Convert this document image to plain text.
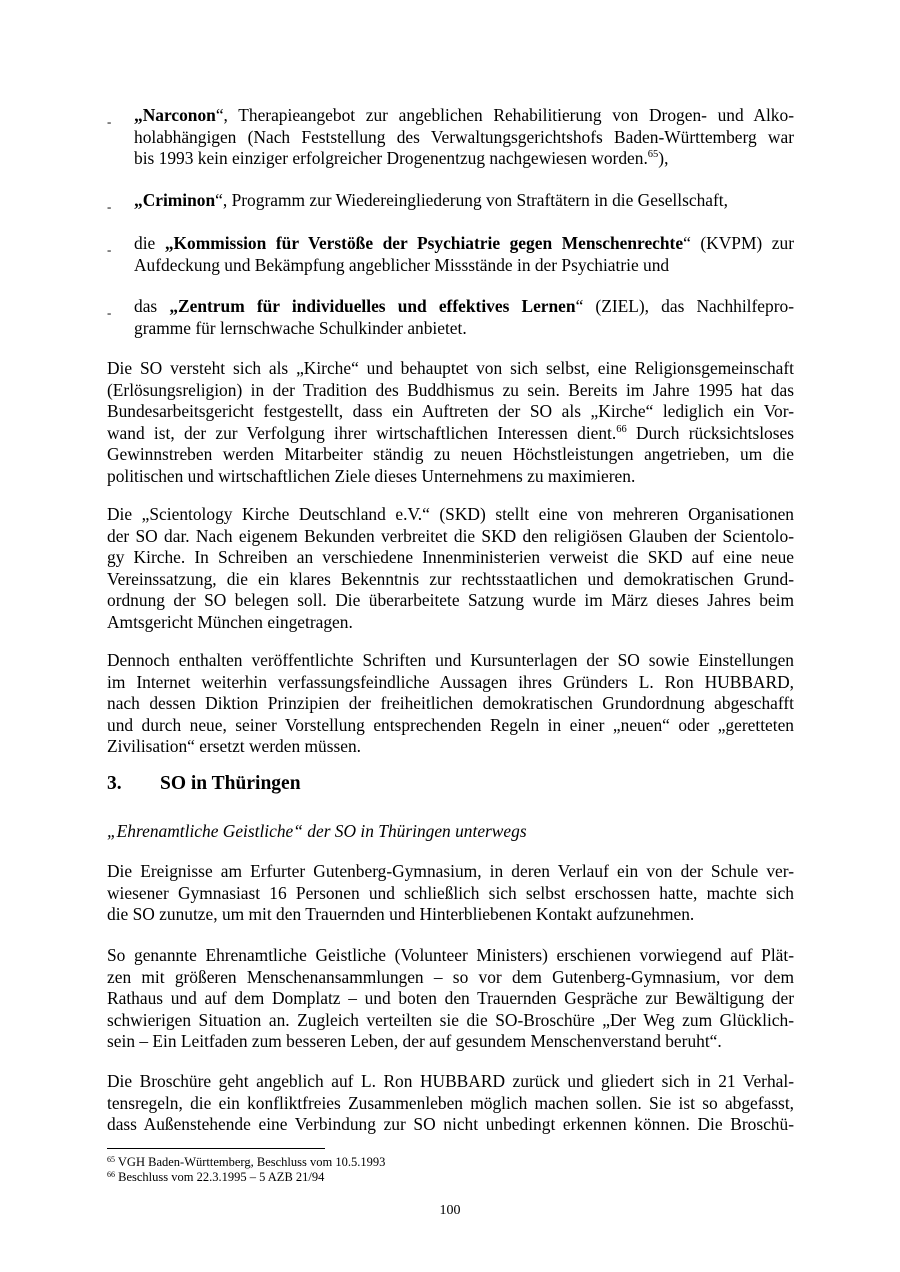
- „Narconon“, Therapieangebot zur angeblichen Rehabilitierung von Drogen- und Alko-
holabhängigen (Nach Feststellung des Verwaltungsgerichtshofs Baden-Württemberg war
bis 1993 kein einziger erfolgreicher Drogenentzug nachgewiesen worden.$^{65}$),
- „Criminon“, Programm zur Wiedereingliederung von Straftätern in die Gesellschaft,
- die „Kommission für Verstöße der Psychiatrie gegen Menschenrechte“ (KVPM) zur
Aufdeckung und Bekämpfung angeblicher Missstände in der Psychiatrie und
- das „Zentrum für individuelles und effektives Lernen“ (ZIEL), das Nachhilfepro-
gramme für lernschwache Schulkinder anbietet.
Die SO versteht sich als „Kirche“ und behauptet von sich selbst, eine Religionsgemeinschaft
(Erlösungsreligion) in der Tradition des Buddhismus zu sein. Bereits im Jahre 1995 hat das
Bundesarbeitsgericht festgestellt, dass ein Auftreten der SO als „Kirche“ lediglich ein Vor-
wand ist, der zur Verfolgung ihrer wirtschaftlichen Interessen dient.$^{66}$ Durch rücksichtsloses
Gewinnstreben werden Mitarbeiter ständig zu neuen Höchstleistungen angetrieben, um die
politischen und wirtschaftlichen Ziele dieses Unternehmens zu maximieren.
Die „Scientology Kirche Deutschland e.V.“ (SKD) stellt eine von mehreren Organisationen
der SO dar. Nach eigenem Bekunden verbreitet die SKD den religiösen Glauben der Scientolo-
gy Kirche. In Schreiben an verschiedene Innenministerien verweist die SKD auf eine neue
Vereinssatzung, die ein klares Bekenntnis zur rechtsstaatlichen und demokratischen Grund-
ordnung der SO belegen soll. Die überarbeitete Satzung wurde im März dieses Jahres beim
Amtsgericht München eingetragen.
Dennoch enthalten veröffentlichte Schriften und Kursunterlagen der SO sowie Einstellungen
im Internet weiterhin verfassungsfeindliche Aussagen ihres Gründers L. Ron HUBBARD,
nach dessen Diktion Prinzipien der freiheitlichen demokratischen Grundordnung abgeschafft
und durch neue, seiner Vorstellung entsprechenden Regeln in einer „neuen“ oder „geretteten
Zivilisation“ ersetzt werden müssen.
3. SO in Thüringen
„Ehrenamtliche Geistliche“ der SO in Thüringen unterwegs
Die Ereignisse am Erfurter Gutenberg-Gymnasium, in deren Verlauf ein von der Schule ver-
wiesener Gymnasiast 16 Personen und schließlich sich selbst erschossen hatte, machte sich
die SO zunutze, um mit den Trauernden und Hinterbliebenen Kontakt aufzunehmen.
So genannte Ehrenamtliche Geistliche (Volunteer Ministers) erschienen vorwiegend auf Plät-
zen mit größeren Menschenansammlungen – so vor dem Gutenberg-Gymnasium, vor dem
Rathaus und auf dem Domplatz – und boten den Trauernden Gespräche zur Bewältigung der
schwierigen Situation an. Zugleich verteilten sie die SO-Broschüre „Der Weg zum Glücklich-
sein – Ein Leitfaden zum besseren Leben, der auf gesundem Menschenverstand beruht“.
Die Broschüre geht angeblich auf L. Ron HUBBARD zurück und gliedert sich in 21 Verhal-
tensregeln, die ein konfliktfreies Zusammenleben möglich machen sollen. Sie ist so abgefasst,
dass Außenstehende eine Verbindung zur SO nicht unbedingt erkennen können. Die Broschü-
$^{65}$ VGH Baden-Württemberg, Beschluss vom 10.5.1993
$^{66}$ Beschluss vom 22.3.1995 – 5 AZB 21/94
100
